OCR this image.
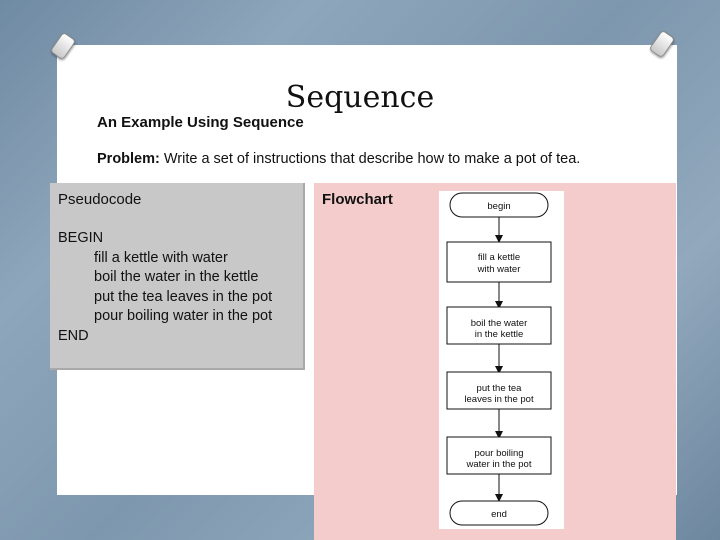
Sequence
An Example Using Sequence
Problem: Write a set of instructions that describe how to make a pot of tea.
Pseudocode
BEGIN
fill a kettle with water
boil the water in the kettle
put the tea leaves in the pot
pour boiling water in the pot
END
Flowchart	begin
fill a kettle
with water
boil the water
in the kettle
put the tea
leaves in the pot
pour boiling
water in the pot
end
